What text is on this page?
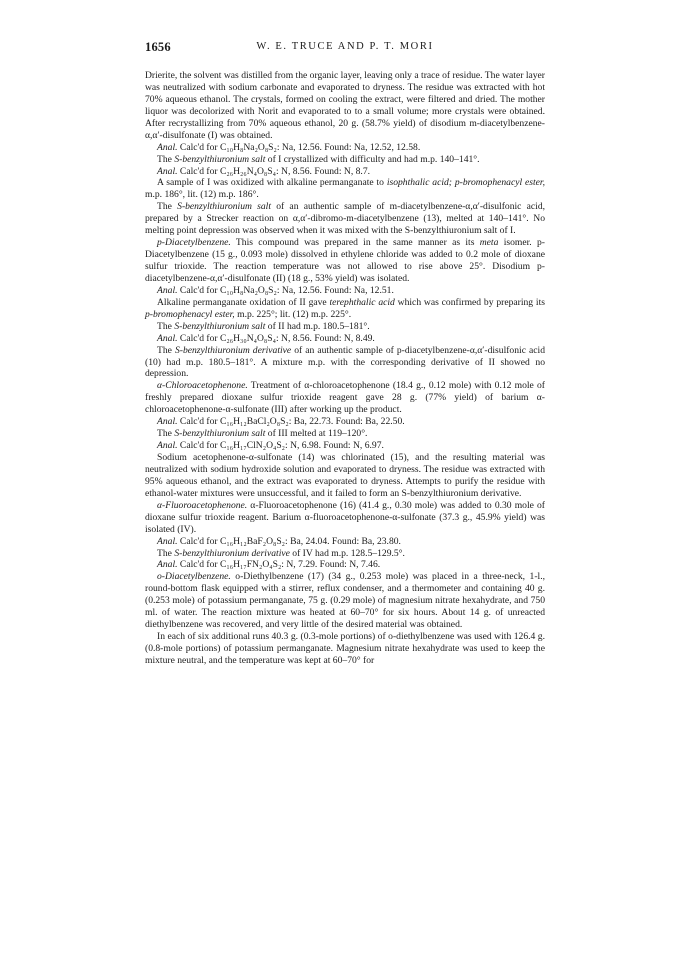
1656	W. E. TRUCE AND P. T. MORI

Drierite, the solvent was distilled from the organic layer, leaving only a trace of residue. The water layer was neutralized with sodium carbonate and evaporated to dryness. The residue was extracted with hot 70% aqueous ethanol. The crystals, formed on cooling the extract, were filtered and dried. The mother liquor was decolorized with Norit and evaporated to to a small volume; more crystals were obtained. After recrystallizing from 70% aqueous ethanol, 20 g. (58.7% yield) of disodium m-diacetylbenzene-α,α′-disulfonate (I) was obtained.

Anal. Calc'd for C₁₀H₈Na₂O₈S₂: Na, 12.56. Found: Na, 12.52, 12.58.

The S-benzylthiuronium salt of I crystallized with difficulty and had m.p. 140–141°.

Anal. Calc'd for C₂₆H₂₆N₄O₈S₄: N, 8.56. Found: N, 8.7.

A sample of I was oxidized with alkaline permanganate to isophthalic acid; p-bromophenacyl ester, m.p. 186°, lit. (12) m.p. 186°.

The S-benzylthiuronium salt of an authentic sample of m-diacetylbenzene-α,α′-disulfonic acid, prepared by a Strecker reaction on α,α′-dibromo-m-diacetylbenzene (13), melted at 140–141°. No melting point depression was observed when it was mixed with the S-benzylthiuronium salt of I.

p-Diacetylbenzene. This compound was prepared in the same manner as its meta isomer. p-Diacetylbenzene (15 g., 0.093 mole) dissolved in ethylene chloride was added to 0.2 mole of dioxane sulfur trioxide. The reaction temperature was not allowed to rise above 25°. Disodium p-diacetylbenzene-α,α′-disulfonate (II) (18 g., 53% yield) was isolated.

Anal. Calc'd for C₁₀H₈Na₂O₈S₂: Na, 12.56. Found: Na, 12.51.

Alkaline permanganate oxidation of II gave terephthalic acid which was confirmed by preparing its p-bromophenacyl ester, m.p. 225°; lit. (12) m.p. 225°.

The S-benzylthiuronium salt of II had m.p. 180.5–181°.

Anal. Calc'd for C₂₆H₃₀N₄O₈S₄: N, 8.56. Found: N, 8.49.

The S-benzylthiuronium derivative of an authentic sample of p-diacetylbenzene-α,α′-disulfonic acid (10) had m.p. 180.5–181°. A mixture m.p. with the corresponding derivative of II showed no depression.

α-Chloroacetophenone. Treatment of α-chloroacetophenone (18.4 g., 0.12 mole) with 0.12 mole of freshly prepared dioxane sulfur trioxide reagent gave 28 g. (77% yield) of barium α-chloroacetophenone-α-sulfonate (III) after working up the product.

Anal. Calc'd for C₁₆H₁₂BaCl₂O₈S₂: Ba, 22.73. Found: Ba, 22.50.

The S-benzylthiuronium salt of III melted at 119–120°.

Anal. Calc'd for C₁₆H₁₇ClN₂O₄S₂: N, 6.98. Found: N, 6.97.

Sodium acetophenone-α-sulfonate (14) was chlorinated (15), and the resulting material was neutralized with sodium hydroxide solution and evaporated to dryness. The residue was extracted with 95% aqueous ethanol, and the extract was evaporated to dryness. Attempts to purify the residue with ethanol-water mixtures were unsuccessful, and it failed to form an S-benzylthiuronium derivative.

α-Fluoroacetophenone. α-Fluoroacetophenone (16) (41.4 g., 0.30 mole) was added to 0.30 mole of dioxane sulfur trioxide reagent. Barium α-fluoroacetophenone-α-sulfonate (37.3 g., 45.9% yield) was isolated (IV).

Anal. Calc'd for C₁₆H₁₂BaF₂O₈S₂: Ba, 24.04. Found: Ba, 23.80.

The S-benzylthiuronium derivative of IV had m.p. 128.5–129.5°.

Anal. Calc'd for C₁₆H₁₇FN₂O₄S₂: N, 7.29. Found: N, 7.46.

o-Diacetylbenzene. o-Diethylbenzene (17) (34 g., 0.253 mole) was placed in a three-neck, 1-l., round-bottom flask equipped with a stirrer, reflux condenser, and a thermometer and containing 40 g. (0.253 mole) of potassium permanganate, 75 g. (0.29 mole) of magnesium nitrate hexahydrate, and 750 ml. of water. The reaction mixture was heated at 60–70° for six hours. About 14 g. of unreacted diethylbenzene was recovered, and very little of the desired material was obtained.

In each of six additional runs 40.3 g. (0.3-mole portions) of o-diethylbenzene was used with 126.4 g. (0.8-mole portions) of potassium permanganate. Magnesium nitrate hexahydrate was used to keep the mixture neutral, and the temperature was kept at 60–70° for
